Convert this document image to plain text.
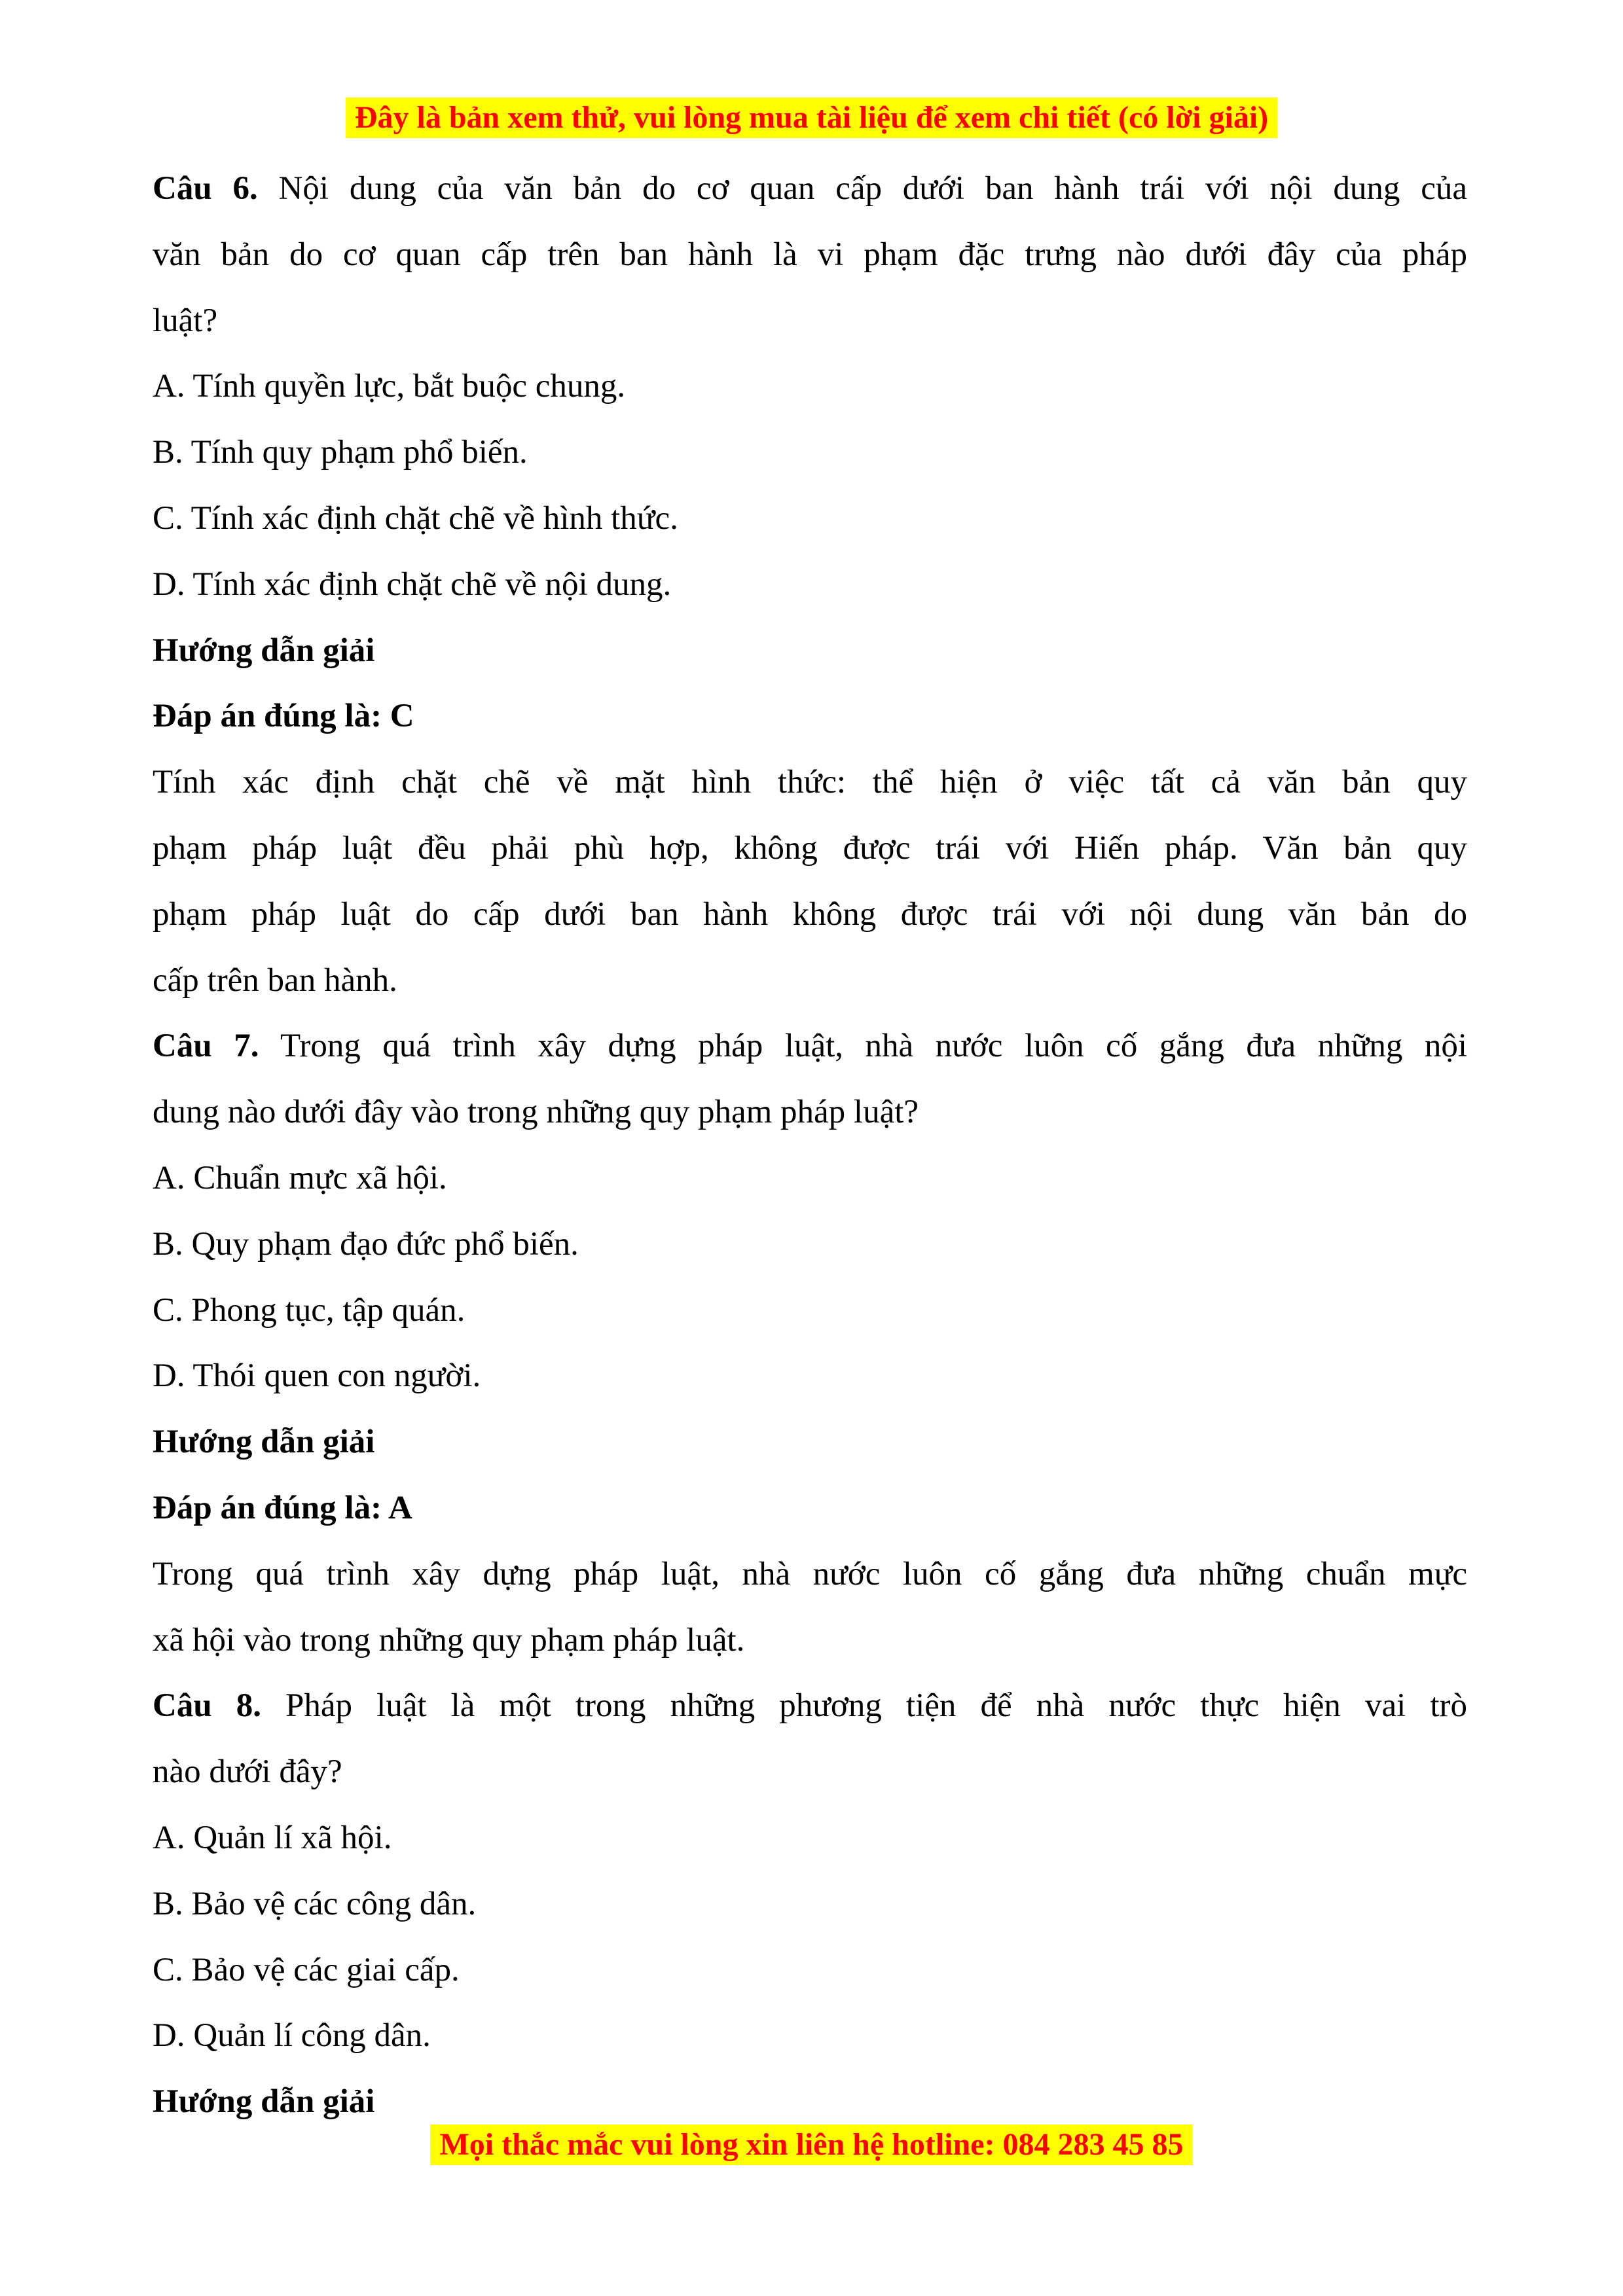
Đây là bản xem thử, vui lòng mua tài liệu để xem chi tiết (có lời giải)
Câu 6. Nội dung của văn bản do cơ quan cấp dưới ban hành trái với nội dung của
văn bản do cơ quan cấp trên ban hành là vi phạm đặc trưng nào dưới đây của pháp
luật?
A. Tính quyền lực, bắt buộc chung.
B. Tính quy phạm phổ biến.
C. Tính xác định chặt chẽ về hình thức.
D. Tính xác định chặt chẽ về nội dung.
Hướng dẫn giải
Đáp án đúng là: C
Tính xác định chặt chẽ về mặt hình thức: thể hiện ở việc tất cả văn bản quy
phạm pháp luật đều phải phù hợp, không được trái với Hiến pháp. Văn bản quy
phạm pháp luật do cấp dưới ban hành không được trái với nội dung văn bản do
cấp trên ban hành.
Câu 7. Trong quá trình xây dựng pháp luật, nhà nước luôn cố gắng đưa những nội
dung nào dưới đây vào trong những quy phạm pháp luật?
A. Chuẩn mực xã hội.
B. Quy phạm đạo đức phổ biến.
C. Phong tục, tập quán.
D. Thói quen con người.
Hướng dẫn giải
Đáp án đúng là: A
Trong quá trình xây dựng pháp luật, nhà nước luôn cố gắng đưa những chuẩn mực
xã hội vào trong những quy phạm pháp luật.
Câu 8. Pháp luật là một trong những phương tiện để nhà nước thực hiện vai trò
nào dưới đây?
A. Quản lí xã hội.
B. Bảo vệ các công dân.
C. Bảo vệ các giai cấp.
D. Quản lí công dân.
Hướng dẫn giải
Mọi thắc mắc vui lòng xin liên hệ hotline: 084 283 45 85
